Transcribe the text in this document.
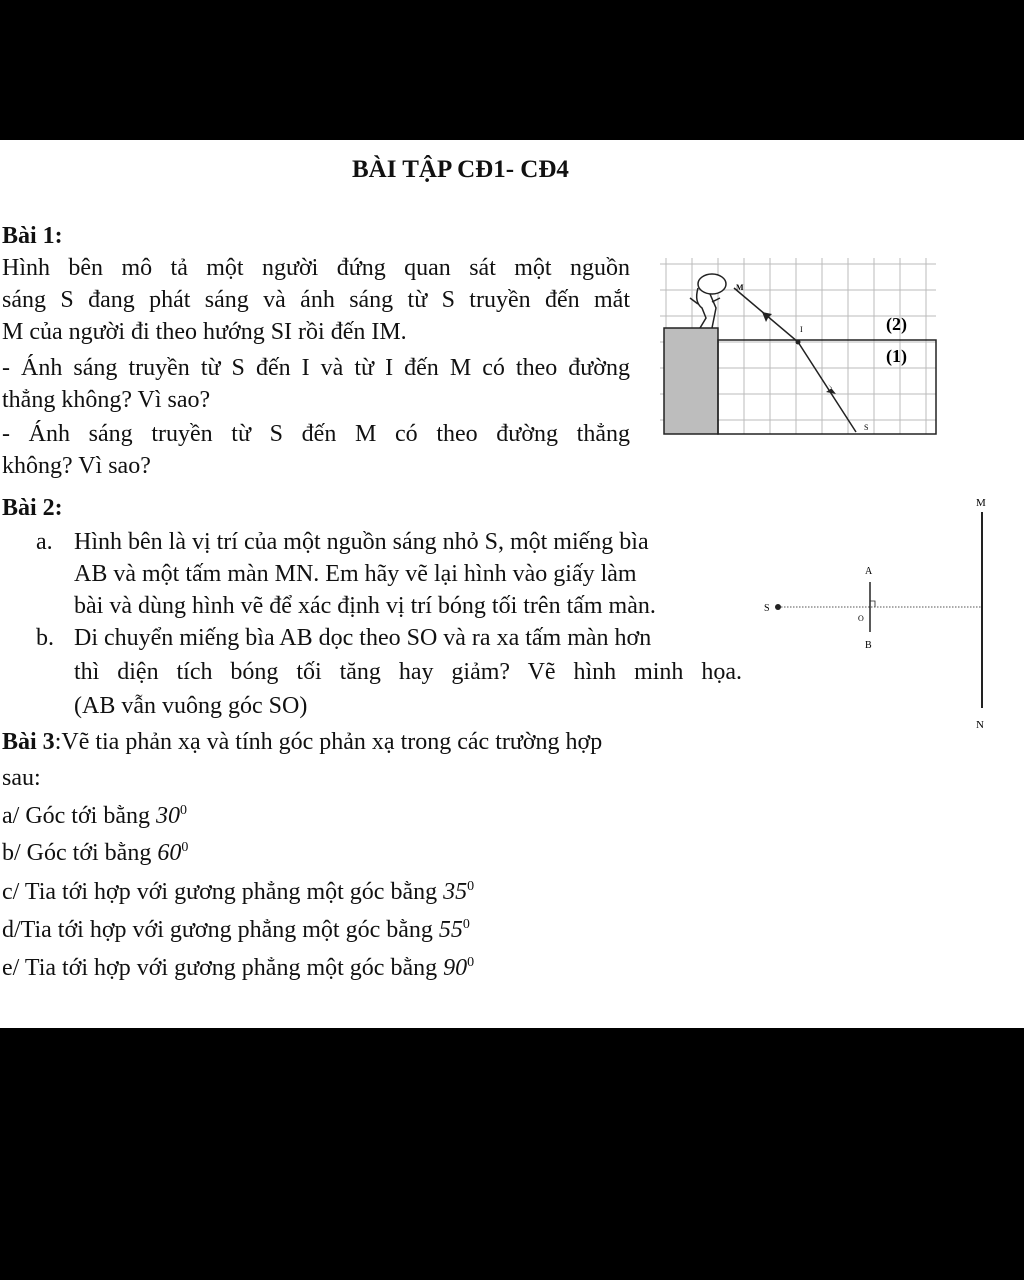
BÀI TẬP CĐ1- CĐ4
Bài 1:
Hình bên mô tả một người đứng quan sát một nguồn
sáng S đang phát sáng và ánh sáng từ S truyền đến mắt
M của người đi theo hướng SI rồi đến IM.
- Ánh sáng truyền từ S đến I và từ I đến M có theo đường
thẳng không? Vì sao?
- Ánh sáng truyền từ S đến M có theo đường thẳng
không? Vì sao?
M
I
S
(2)
(1)
Bài 2:
a. Hình bên là vị trí của một nguồn sáng nhỏ S, một miếng bìa
AB và một tấm màn MN. Em hãy vẽ lại hình vào giấy làm
bài và dùng hình vẽ để xác định vị trí bóng tối trên tấm màn.
b. Di chuyển miếng bìa AB dọc theo SO và ra xa tấm màn hơn
thì diện tích bóng tối tăng hay giảm? Vẽ hình minh họa.
(AB vẫn vuông góc SO)
M
N
S
A
B
O
Bài 3:Vẽ tia phản xạ và tính góc phản xạ trong các trường hợp
sau:
a/ Góc tới bằng $30^0$
b/ Góc tới bằng $60^0$
c/ Tia tới hợp với gương phẳng một góc bằng $35^0$
d/Tia tới hợp với gương phẳng một góc bằng $55^0$
e/ Tia tới hợp với gương phẳng một góc bằng $90^0$
